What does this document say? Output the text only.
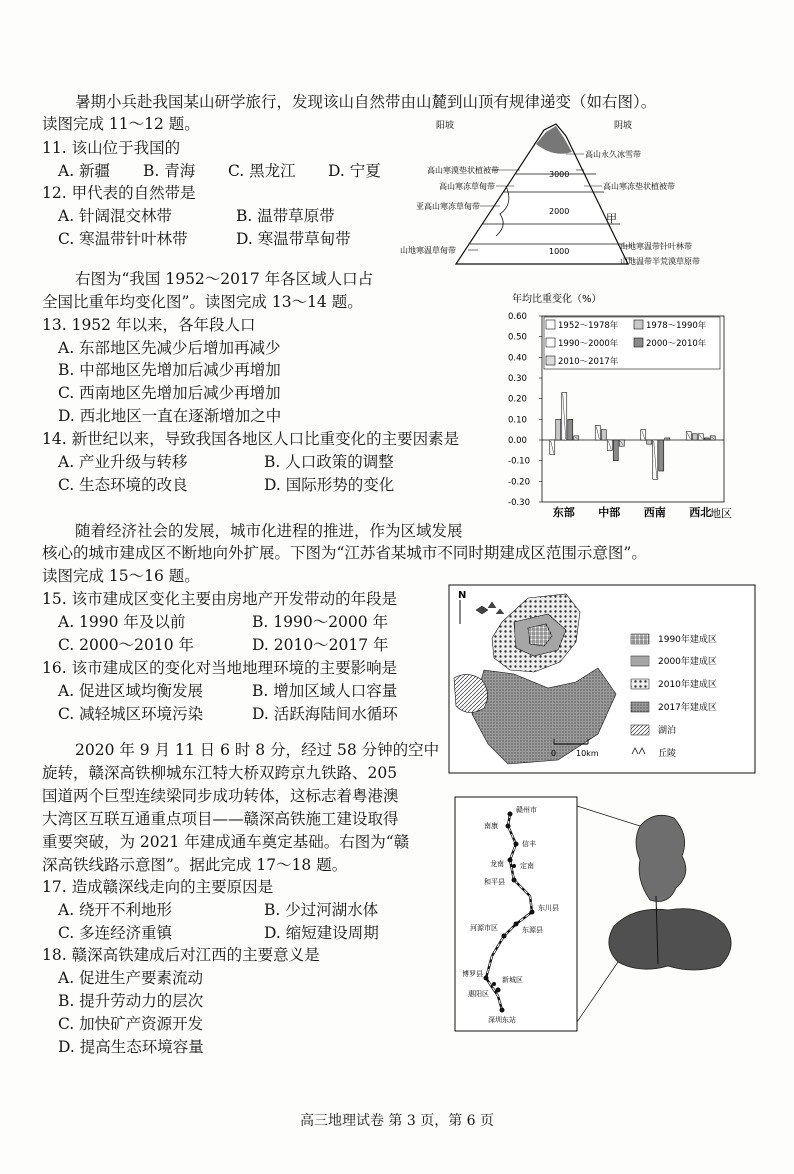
暑期小兵赴我国某山研学旅行，发现该山自然带由山麓到山顶有规律递变（如右图）。
读图完成 11～12 题。
11. 该山位于我国的
A. 新疆 B. 青海 C. 黑龙江 D. 宁夏
12. 甲代表的自然带是
A. 针阔混交林带	B. 温带草原带
C. 寒温带针叶林带	D. 寒温带草甸带
阳坡	阴坡
3000
2000
1000
高山永久冰雪带
高山寒漠垫状植被带
高山寒冻草甸带	高山寒冻垫状植被带
亚高山寒冻草甸带
甲
山地寒温草甸带	山地寒温带针叶林带
山地温带半荒漠草原带
右图为“我国 1952～2017 年各区域人口占
全国比重年均变化图”。读图完成 13～14 题。
13. 1952 年以来，各年段人口
A. 东部地区先减少后增加再减少
B. 中部地区先增加后减少再增加
C. 西南地区先增加后减少再增加
D. 西北地区一直在逐渐增加之中
14. 新世纪以来，导致我国各地区人口比重变化的主要因素是
A. 产业升级与转移	B. 人口政策的调整
C. 生态环境的改良	D. 国际形势的变化
年均比重变化（%）
0.60
0.50
0.40
0.30
0.20
0.10
0.00
-0.10
-0.20
-0.30
东部 中部 西南 西北
1952～1978年	1978～1990年
1990～2000年	2000～2010年
2010～2017年
地区
随着经济社会的发展，城市化进程的推进，作为区域发展
核心的城市建成区不断地向外扩展。下图为“江苏省某城市不同时期建成区范围示意图”。
读图完成 15～16 题。
15. 该市建成区变化主要由房地产开发带动的年段是
A. 1990 年及以前	B. 1990～2000 年
C. 2000～2010 年	D. 2010～2017 年
16. 该市建成区的变化对当地地理环境的主要影响是
A. 促进区域均衡发展	B. 增加区域人口容量
C. 减轻城区环境污染	D. 活跃海陆间水循环
N
0 10km
1990年建成区
2000年建成区
2010年建成区
2017年建成区
湖泊
丘陵
2020 年 9 月 11 日 6 时 8 分，经过 58 分钟的空中
旋转，赣深高铁柳城东江特大桥双跨京九铁路、205
国道两个巨型连续梁同步成功转体，这标志着粤港澳
大湾区互联互通重点项目——赣深高铁施工建设取得
重要突破，为 2021 年建成通车奠定基础。右图为“赣
深高铁线路示意图”。据此完成 17～18 题。
17. 造成赣深线走向的主要原因是
A. 绕开不利地形	B. 少过河湖水体
C. 多连经济重镇	D. 缩短建设周期
18. 赣深高铁建成后对江西的主要意义是
A. 促进生产要素流动
B. 提升劳动力的层次
C. 加快矿产资源开发
D. 提高生态环境容量
赣州市
南康
信丰
龙南 定南
和平县
东川县
东源县
河源市区
博罗县
惠阳区
新城区
深圳东站
高三地理试卷 第 3 页，第 6 页
